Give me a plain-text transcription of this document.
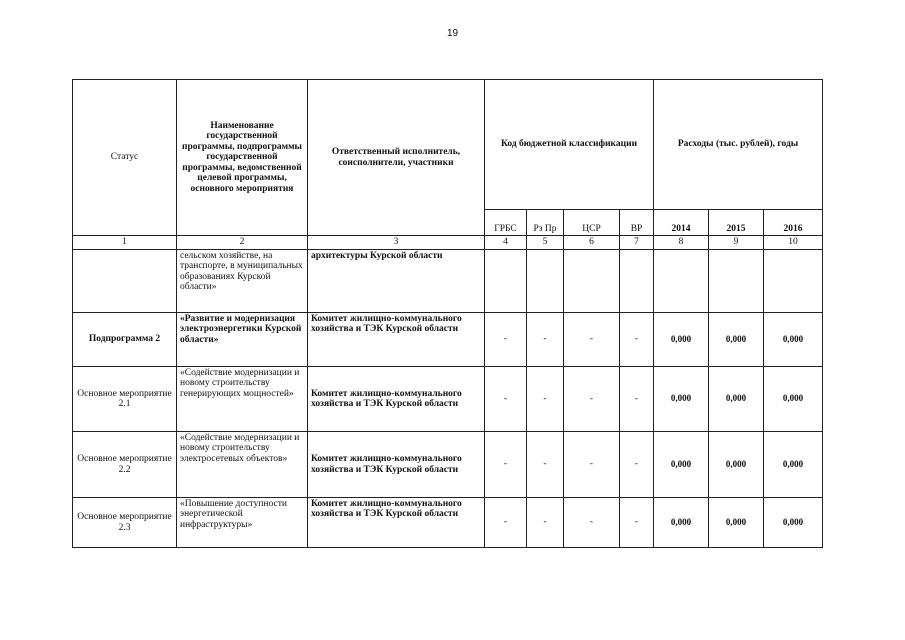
19
Статус	Наименование государственной программы, подпрограммы государственной программы, ведомственной целевой программы, основного мероприятия	Ответственный исполнитель, соисполнители, участники	Код бюджетной классификации				Расходы (тыс. рублей), годы		
			ГРБС	Рз Пр	ЦСР	ВР	2014	2015	2016
1	2	3	4	5	6	7	8	9	10
	сельском хозяйстве, на транспорте, в муниципальных образованиях Курской области»	архитектуры Курской области							
Подпрограмма 2	«Развитие и модернизация электроэнергетики Курской области»	Комитет жилищно-коммунального хозяйства и ТЭК Курской области	-	-	-	-	0,000	0,000	0,000
Основное мероприятие 2.1	«Содействие модернизации и новому строительству генерирующих мощностей»	Комитет жилищно-коммунального хозяйства и ТЭК Курской области	-	-	-	-	0,000	0,000	0,000
Основное мероприятие 2.2	«Содействие модернизации и новому строительству электросетевых объектов»	Комитет жилищно-коммунального хозяйства и ТЭК Курской области	-	-	-	-	0,000	0,000	0,000
Основное мероприятие 2.3	«Повышение доступности энергетической инфраструктуры»	Комитет жилищно-коммунального хозяйства и ТЭК Курской области	-	-	-	-	0,000	0,000	0,000
